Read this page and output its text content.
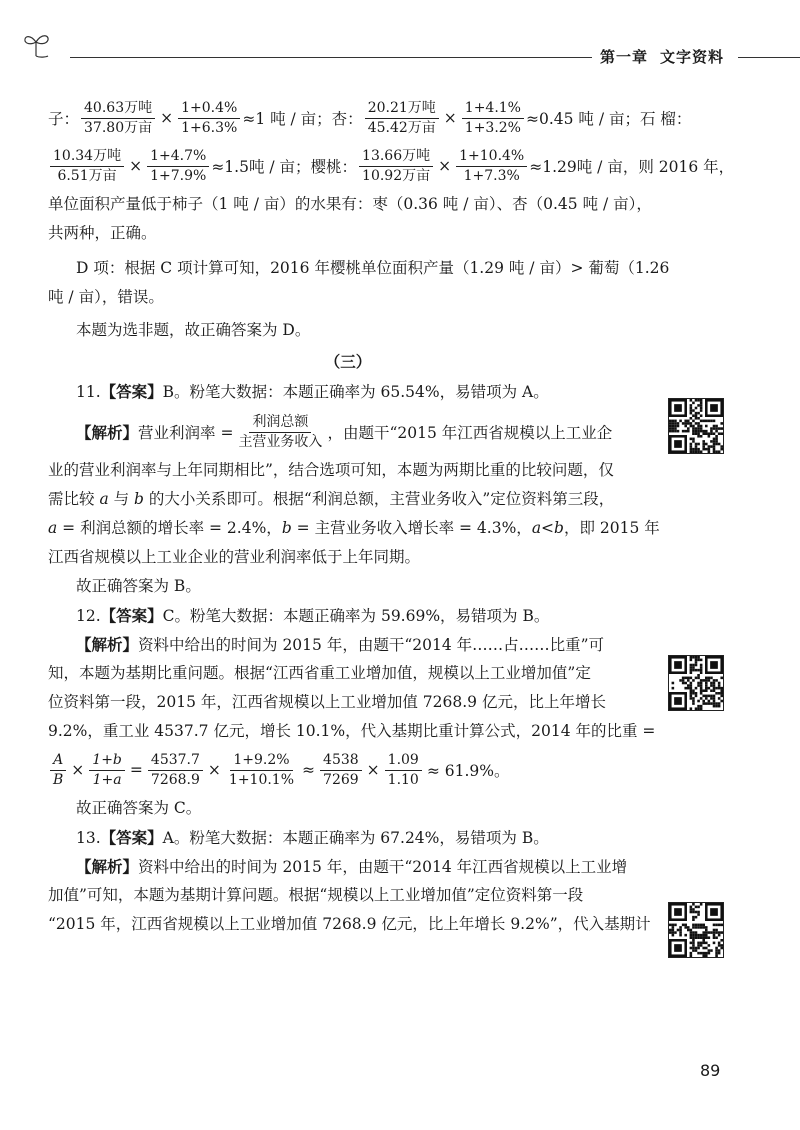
第一章 文字资料
子： $\frac{\text{40.63万吨}}{\text{37.80万亩}} \times \frac{1+0.4\%}{1+6.3\%} \approx 1$ 吨 / 亩；杏： $\frac{\text{20.21万吨}}{\text{45.42万亩}} \times \frac{1+4.1\%}{1+3.2\%} \approx 0.45$ 吨 / 亩；石 榴：
$\frac{\text{10.34万吨}}{\text{6.51万亩}} \times \frac{1+4.7\%}{1+7.9\%} \approx 1.5$吨 / 亩；樱桃： $\frac{\text{13.66万吨}}{\text{10.92万亩}} \times \frac{1+10.4\%}{1+7.3\%} \approx 1.29$吨 / 亩，则 2016 年，
单位面积产量低于柿子（1 吨 / 亩）的水果有：枣（0.36 吨 / 亩）、杏（0.45 吨 / 亩），
共两种，正确。
D 项：根据 C 项计算可知，2016 年樱桃单位面积产量（1.29 吨 / 亩）> 葡萄（1.26
吨 / 亩），错误。
本题为选非题，故正确答案为 D。
（三）
11.【答案】B。粉笔大数据：本题正确率为 65.54%，易错项为 A。
【解析】 营业利润率 = $\frac{\text{利润总额}}{\text{主营业务收入}}$ ，由题干“2015 年江西省规模以上工业企
业的营业利润率与上年同期相比”，结合选项可知，本题为两期比重的比较问题，仅
需比较 a 与 b 的大小关系即可。根据“利润总额，主营业务收入”定位资料第三段，
a = 利润总额的增长率 = 2.4%，b = 主营业务收入增长率 = 4.3%，a<b，即 2015 年
江西省规模以上工业企业的营业利润率低于上年同期。
故正确答案为 B。
12.【答案】C。粉笔大数据：本题正确率为 59.69%，易错项为 B。
【解析】资料中给出的时间为 2015 年，由题干“2014 年……占……比重”可
知，本题为基期比重问题。根据“江西省重工业增加值，规模以上工业增加值”定
位资料第一段，2015 年，江西省规模以上工业增加值 7268.9 亿元，比上年增长
9.2%，重工业 4537.7 亿元，增长 10.1%，代入基期比重计算公式，2014 年的比重 =
$\frac{A}{B} \times \frac{1+b}{1+a} = \frac{4537.7}{7268.9} \times \frac{1+9.2\%}{1+10.1\%} \approx \frac{4538}{7269} \times \frac{1.09}{1.10} \approx 61.9\%$。
故正确答案为 C。
13.【答案】A。粉笔大数据：本题正确率为 67.24%，易错项为 B。
【解析】资料中给出的时间为 2015 年，由题干“2014 年江西省规模以上工业增
加值”可知，本题为基期计算问题。根据“规模以上工业增加值”定位资料第一段
“2015 年，江西省规模以上工业增加值 7268.9 亿元，比上年增长 9.2%”，代入基期计
89
